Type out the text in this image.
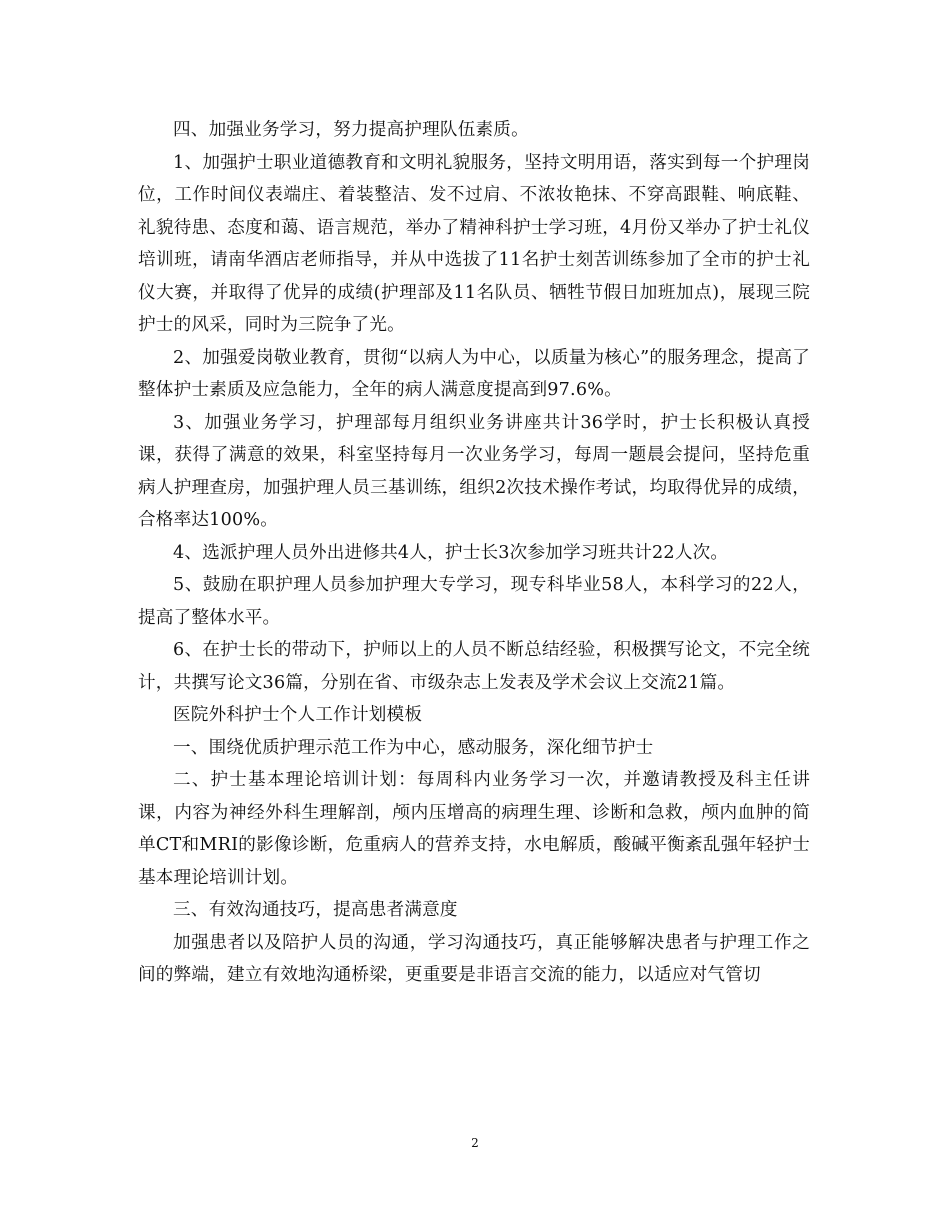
四、加强业务学习，努力提高护理队伍素质。

1、加强护士职业道德教育和文明礼貌服务，坚持文明用语，落实到每一个护理岗位，工作时间仪表端庄、着装整洁、发不过肩、不浓妆艳抹、不穿高跟鞋、响底鞋、礼貌待患、态度和蔼、语言规范，举办了精神科护士学习班，4月份又举办了护士礼仪培训班，请南华酒店老师指导，并从中选拔了11名护士刻苦训练参加了全市的护士礼仪大赛，并取得了优异的成绩(护理部及11名队员、牺牲节假日加班加点)，展现三院护士的风采，同时为三院争了光。

2、加强爱岗敬业教育，贯彻“以病人为中心，以质量为核心”的服务理念，提高了整体护士素质及应急能力，全年的病人满意度提高到97.6%。

3、加强业务学习，护理部每月组织业务讲座共计36学时，护士长积极认真授课，获得了满意的效果，科室坚持每月一次业务学习，每周一题晨会提问，坚持危重病人护理查房，加强护理人员三基训练，组织2次技术操作考试，均取得优异的成绩，合格率达100%。

4、选派护理人员外出进修共4人，护士长3次参加学习班共计22人次。

5、鼓励在职护理人员参加护理大专学习，现专科毕业58人，本科学习的22人，提高了整体水平。

6、在护士长的带动下，护师以上的人员不断总结经验，积极撰写论文，不完全统计，共撰写论文36篇，分别在省、市级杂志上发表及学术会议上交流21篇。

医院外科护士个人工作计划模板

一、围绕优质护理示范工作为中心，感动服务，深化细节护士

二、护士基本理论培训计划：每周科内业务学习一次，并邀请教授及科主任讲课，内容为神经外科生理解剖，颅内压增高的病理生理、诊断和急救，颅内血肿的简单CT和MRI的影像诊断，危重病人的营养支持，水电解质，酸碱平衡紊乱强年轻护士基本理论培训计划。

三、有效沟通技巧，提高患者满意度

加强患者以及陪护人员的沟通，学习沟通技巧，真正能够解决患者与护理工作之间的弊端，建立有效地沟通桥梁，更重要是非语言交流的能力，以适应对气管切

2
